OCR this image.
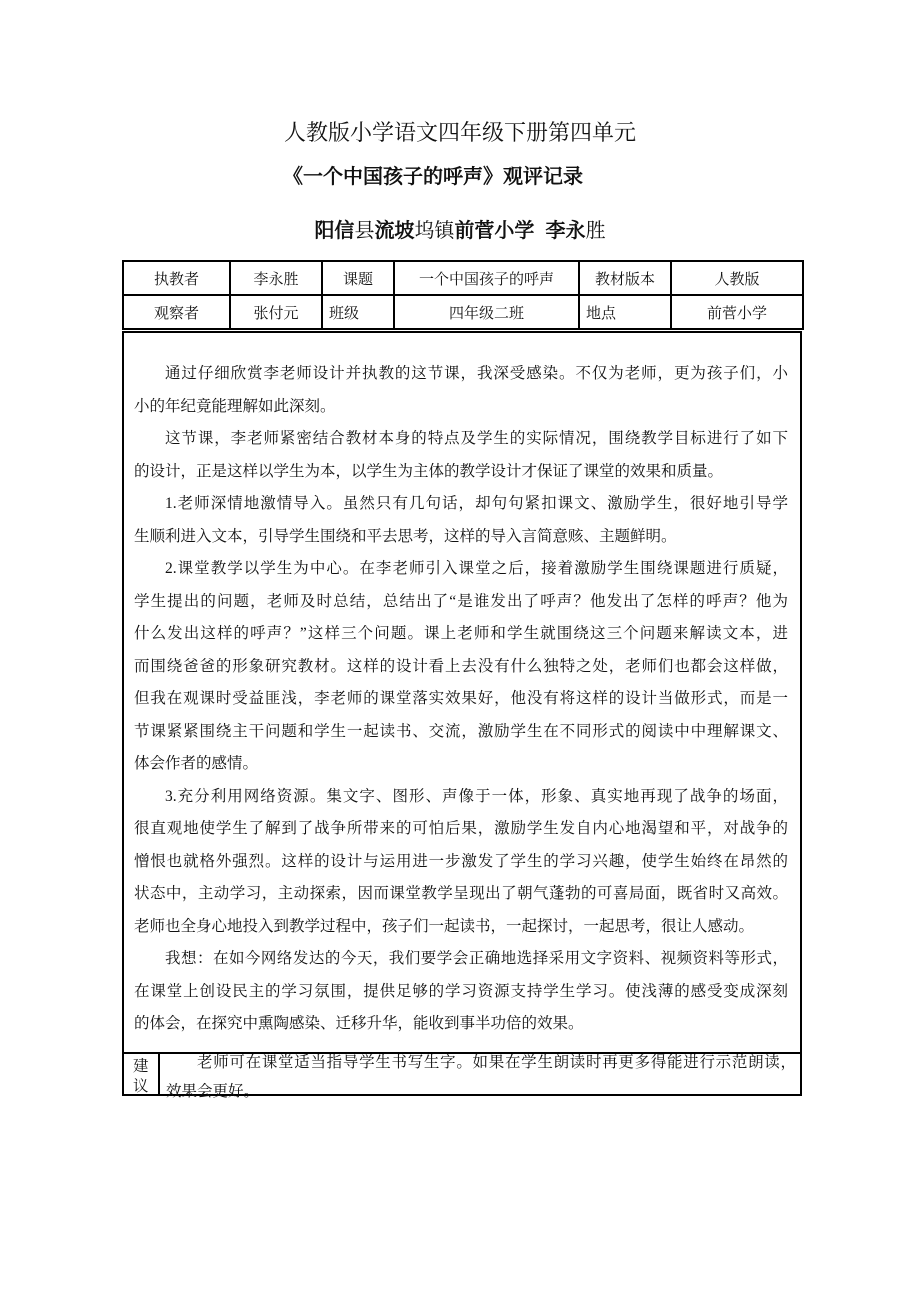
人教版小学语文四年级下册第四单元
《一个中国孩子的呼声》观评记录
阳信县流坡坞镇前菅小学  李永胜
执教者	李永胜	课题	一个中国孩子的呼声	教材版本	人教版
观察者	张付元	班级	四年级二班	地点	前菅小学
通过仔细欣赏李老师设计并执教的这节课，我深受感染。不仅为老师，更为孩子们，小
小的年纪竟能理解如此深刻。
这节课，李老师紧密结合教材本身的特点及学生的实际情况，围绕教学目标进行了如下
的设计，正是这样以学生为本，以学生为主体的教学设计才保证了课堂的效果和质量。
1.老师深情地激情导入。虽然只有几句话，却句句紧扣课文、激励学生，很好地引导学
生顺利进入文本，引导学生围绕和平去思考，这样的导入言简意赅、主题鲜明。
2.课堂教学以学生为中心。在李老师引入课堂之后，接着激励学生围绕课题进行质疑，
学生提出的问题，老师及时总结，总结出了“是谁发出了呼声？他发出了怎样的呼声？他为
什么发出这样的呼声？”这样三个问题。课上老师和学生就围绕这三个问题来解读文本，进
而围绕爸爸的形象研究教材。这样的设计看上去没有什么独特之处，老师们也都会这样做，
但我在观课时受益匪浅，李老师的课堂落实效果好，他没有将这样的设计当做形式，而是一
节课紧紧围绕主干问题和学生一起读书、交流，激励学生在不同形式的阅读中中理解课文、
体会作者的感情。
3.充分利用网络资源。集文字、图形、声像于一体，形象、真实地再现了战争的场面，
很直观地使学生了解到了战争所带来的可怕后果，激励学生发自内心地渴望和平，对战争的
憎恨也就格外强烈。这样的设计与运用进一步激发了学生的学习兴趣，使学生始终在昂然的
状态中，主动学习，主动探索，因而课堂教学呈现出了朝气蓬勃的可喜局面，既省时又高效。
老师也全身心地投入到教学过程中，孩子们一起读书，一起探讨，一起思考，很让人感动。
我想：在如今网络发达的今天，我们要学会正确地选择采用文字资料、视频资料等形式，
在课堂上创设民主的学习氛围，提供足够的学习资源支持学生学习。使浅薄的感受变成深刻
的体会，在探究中熏陶感染、迁移升华，能收到事半功倍的效果。
建
议
老师可在课堂适当指导学生书写生字。如果在学生朗读时再更多得能进行示范朗读，
效果会更好。
